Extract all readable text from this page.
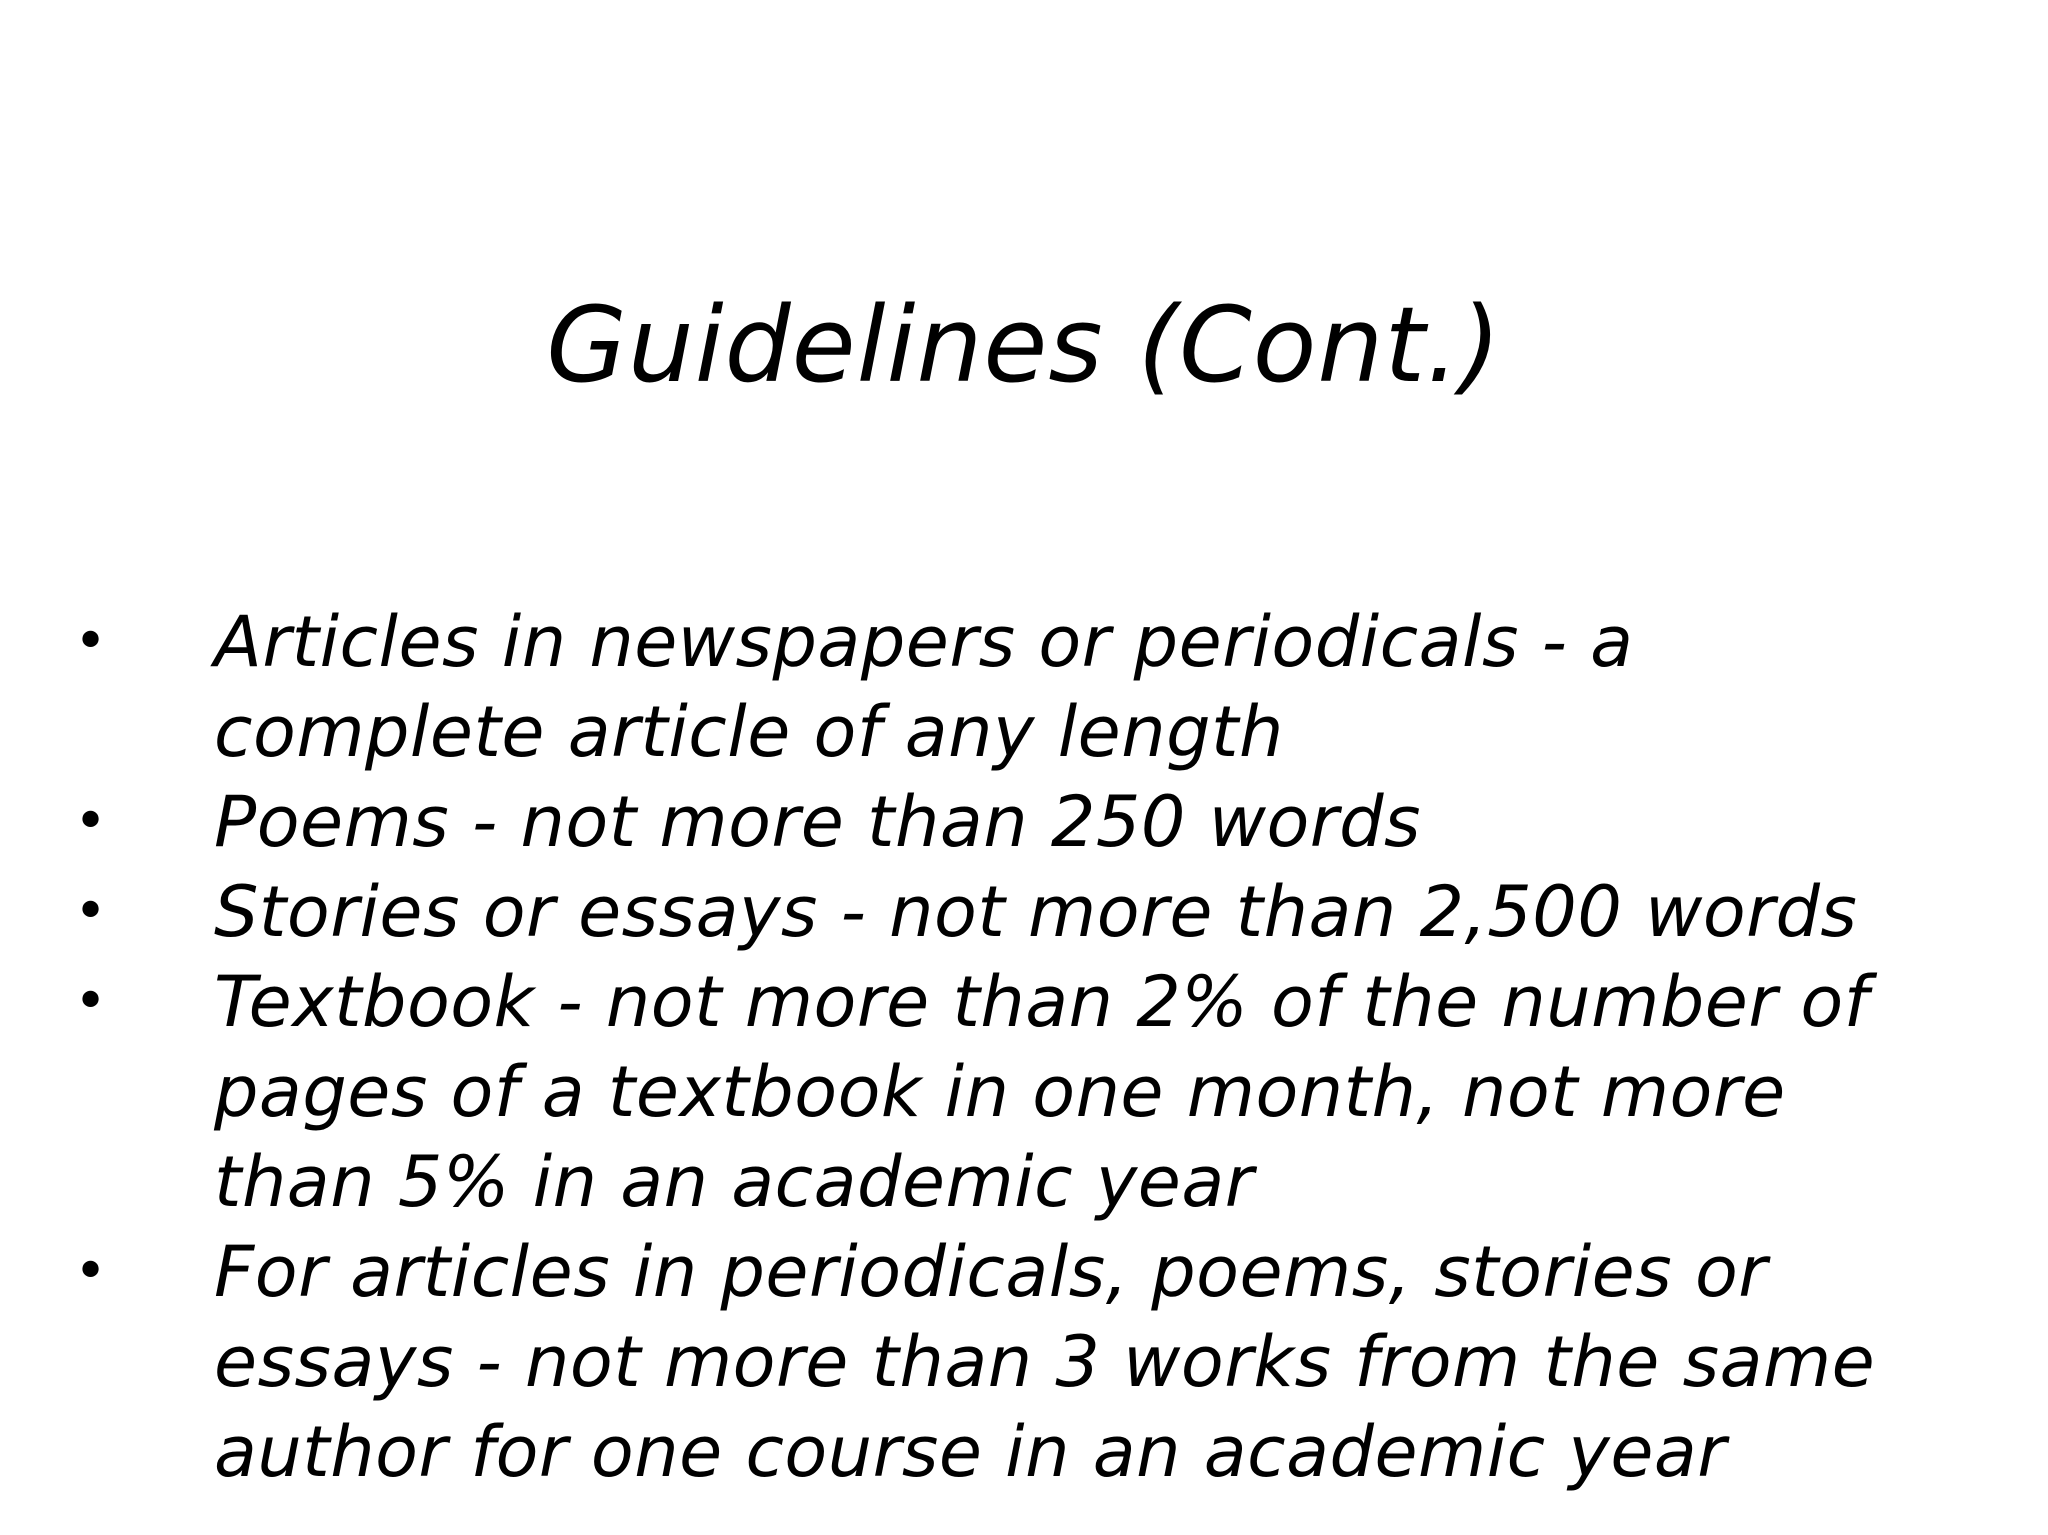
Guidelines (Cont.)
•	Articles in newspapers or periodicals - a
complete article of any length
•	Poems - not more than 250 words
•	Stories or essays - not more than 2,500 words
•	Textbook - not more than 2% of the number of
pages of a textbook in one month, not more
than 5% in an academic year
•	For articles in periodicals, poems, stories or
essays - not more than 3 works from the same
author for one course in an academic year
